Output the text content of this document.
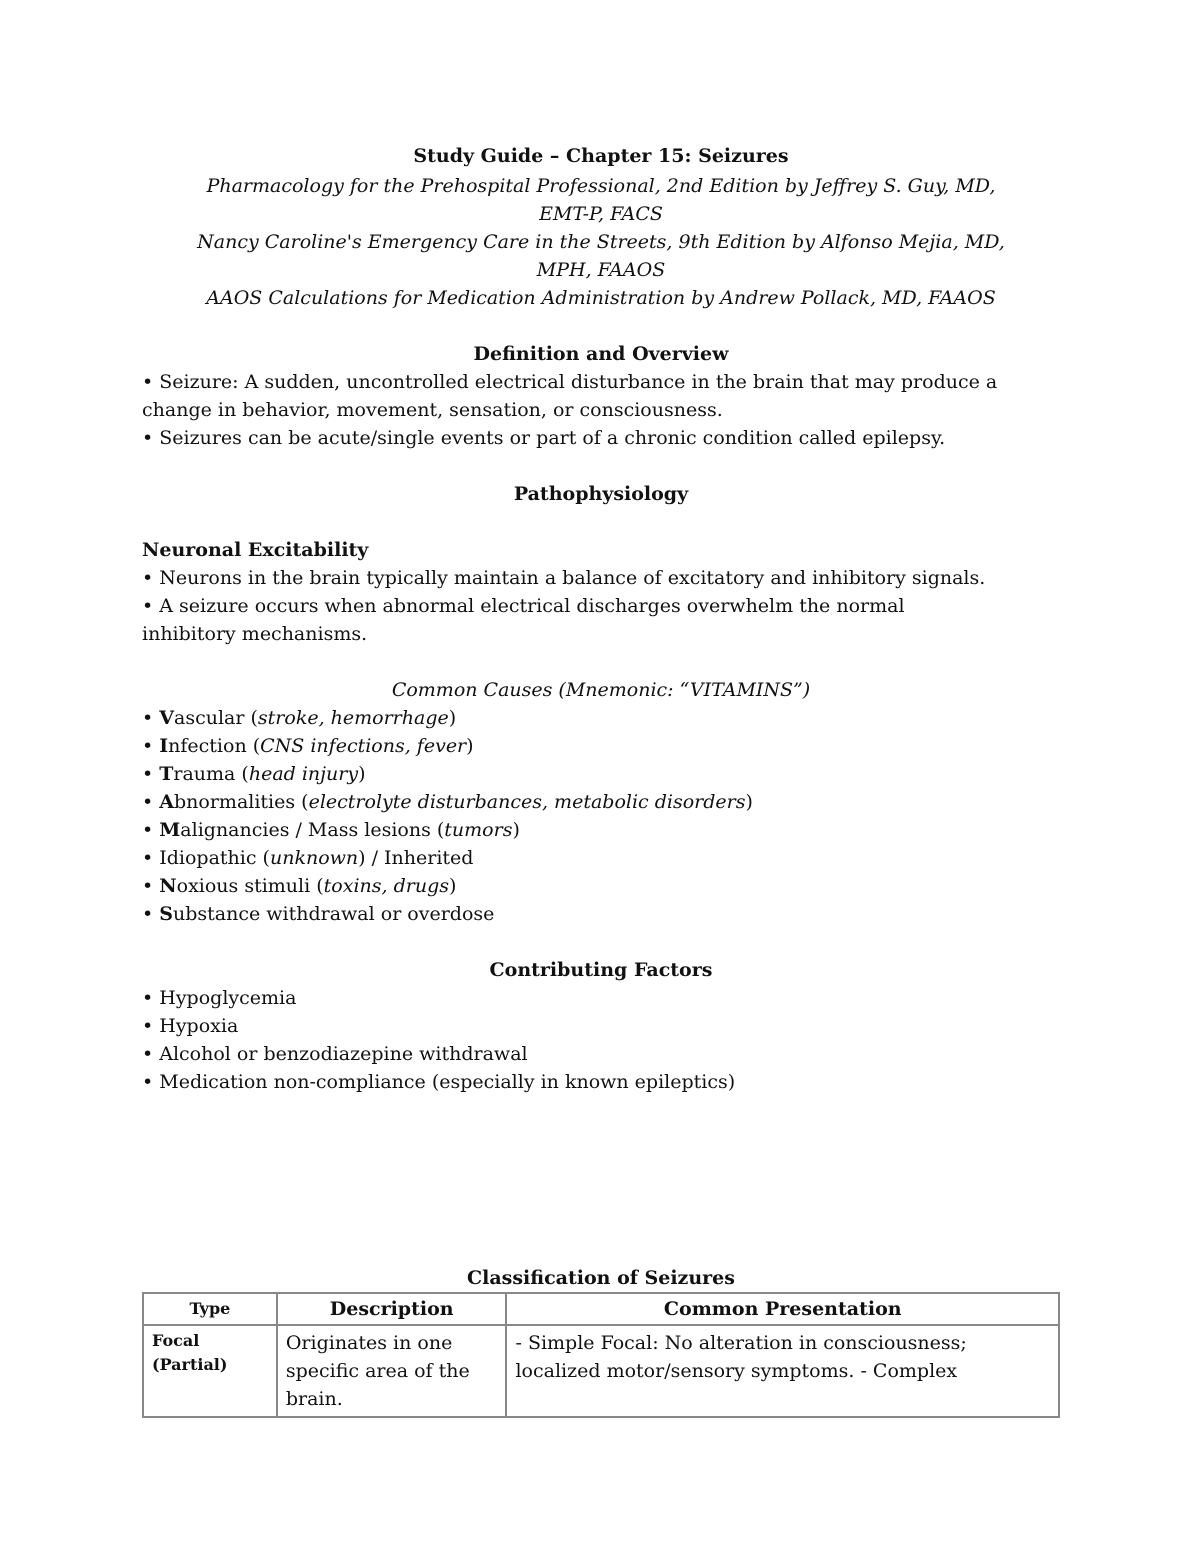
Study Guide – Chapter 15: Seizures

Pharmacology for the Prehospital Professional, 2nd Edition by Jeffrey S. Guy, MD,

EMT-P, FACS

Nancy Caroline's Emergency Care in the Streets, 9th Edition by Alfonso Mejia, MD,

MPH, FAAOS

AAOS Calculations for Medication Administration by Andrew Pollack, MD, FAAOS

Definition and Overview

• Seizure: A sudden, uncontrolled electrical disturbance in the brain that may produce a

change in behavior, movement, sensation, or consciousness.

• Seizures can be acute/single events or part of a chronic condition called epilepsy.

Pathophysiology

Neuronal Excitability

• Neurons in the brain typically maintain a balance of excitatory and inhibitory signals.

• A seizure occurs when abnormal electrical discharges overwhelm the normal

inhibitory mechanisms.

Common Causes (Mnemonic: “VITAMINS”)

• Vascular (stroke, hemorrhage)

• Infection (CNS infections, fever)

• Trauma (head injury)

• Abnormalities (electrolyte disturbances, metabolic disorders)

• Malignancies / Mass lesions (tumors)

• Idiopathic (unknown) / Inherited

• Noxious stimuli (toxins, drugs)

• Substance withdrawal or overdose

Contributing Factors

• Hypoglycemia

• Hypoxia

• Alcohol or benzodiazepine withdrawal

• Medication non-compliance (especially in known epileptics)

Classification of Seizures

Type	Description	Common Presentation
Focal
(Partial)	Originates in one specific area of the brain.	- Simple Focal: No alteration in consciousness; localized motor/sensory symptoms. - Complex
